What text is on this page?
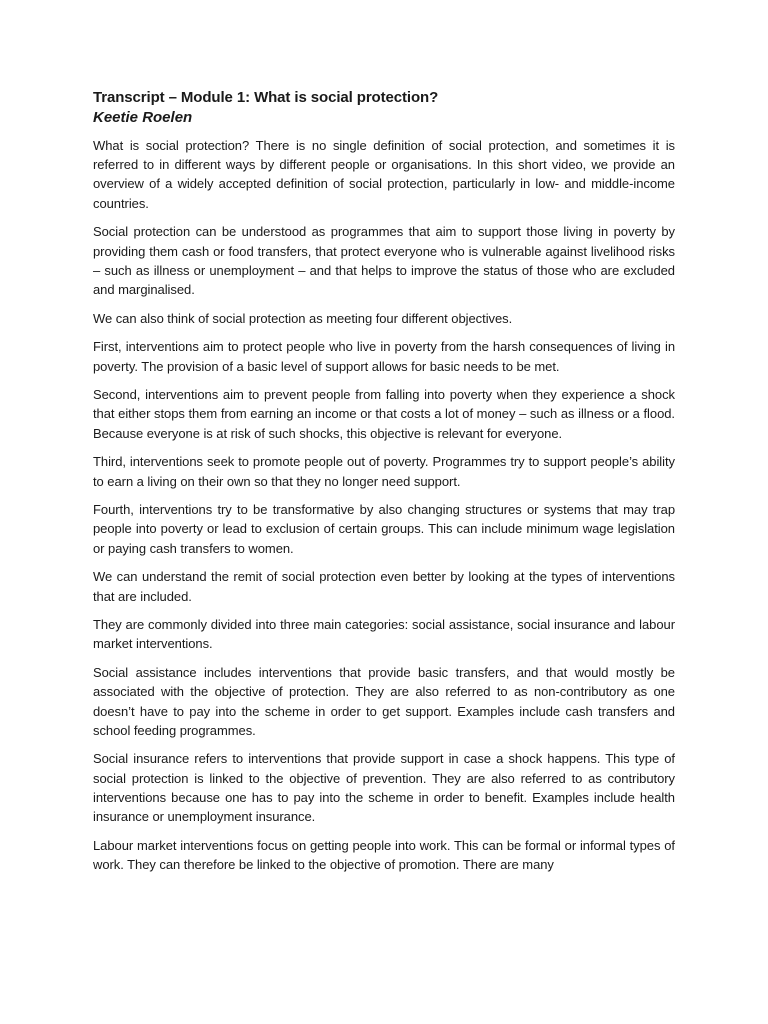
Transcript – Module 1: What is social protection?
Keetie Roelen

What is social protection? There is no single definition of social protection, and sometimes it is referred to in different ways by different people or organisations. In this short video, we provide an overview of a widely accepted definition of social protection, particularly in low- and middle-income countries.

Social protection can be understood as programmes that aim to support those living in poverty by providing them cash or food transfers, that protect everyone who is vulnerable against livelihood risks – such as illness or unemployment – and that helps to improve the status of those who are excluded and marginalised.

We can also think of social protection as meeting four different objectives.

First, interventions aim to protect people who live in poverty from the harsh consequences of living in poverty. The provision of a basic level of support allows for basic needs to be met.

Second, interventions aim to prevent people from falling into poverty when they experience a shock that either stops them from earning an income or that costs a lot of money – such as illness or a flood. Because everyone is at risk of such shocks, this objective is relevant for everyone.

Third, interventions seek to promote people out of poverty. Programmes try to support people’s ability to earn a living on their own so that they no longer need support.

Fourth, interventions try to be transformative by also changing structures or systems that may trap people into poverty or lead to exclusion of certain groups. This can include minimum wage legislation or paying cash transfers to women.

We can understand the remit of social protection even better by looking at the types of interventions that are included.

They are commonly divided into three main categories: social assistance, social insurance and labour market interventions.

Social assistance includes interventions that provide basic transfers, and that would mostly be associated with the objective of protection. They are also referred to as non-contributory as one doesn’t have to pay into the scheme in order to get support. Examples include cash transfers and school feeding programmes.

Social insurance refers to interventions that provide support in case a shock happens. This type of social protection is linked to the objective of prevention. They are also referred to as contributory interventions because one has to pay into the scheme in order to benefit. Examples include health insurance or unemployment insurance.

Labour market interventions focus on getting people into work. This can be formal or informal types of work. They can therefore be linked to the objective of promotion. There are many
